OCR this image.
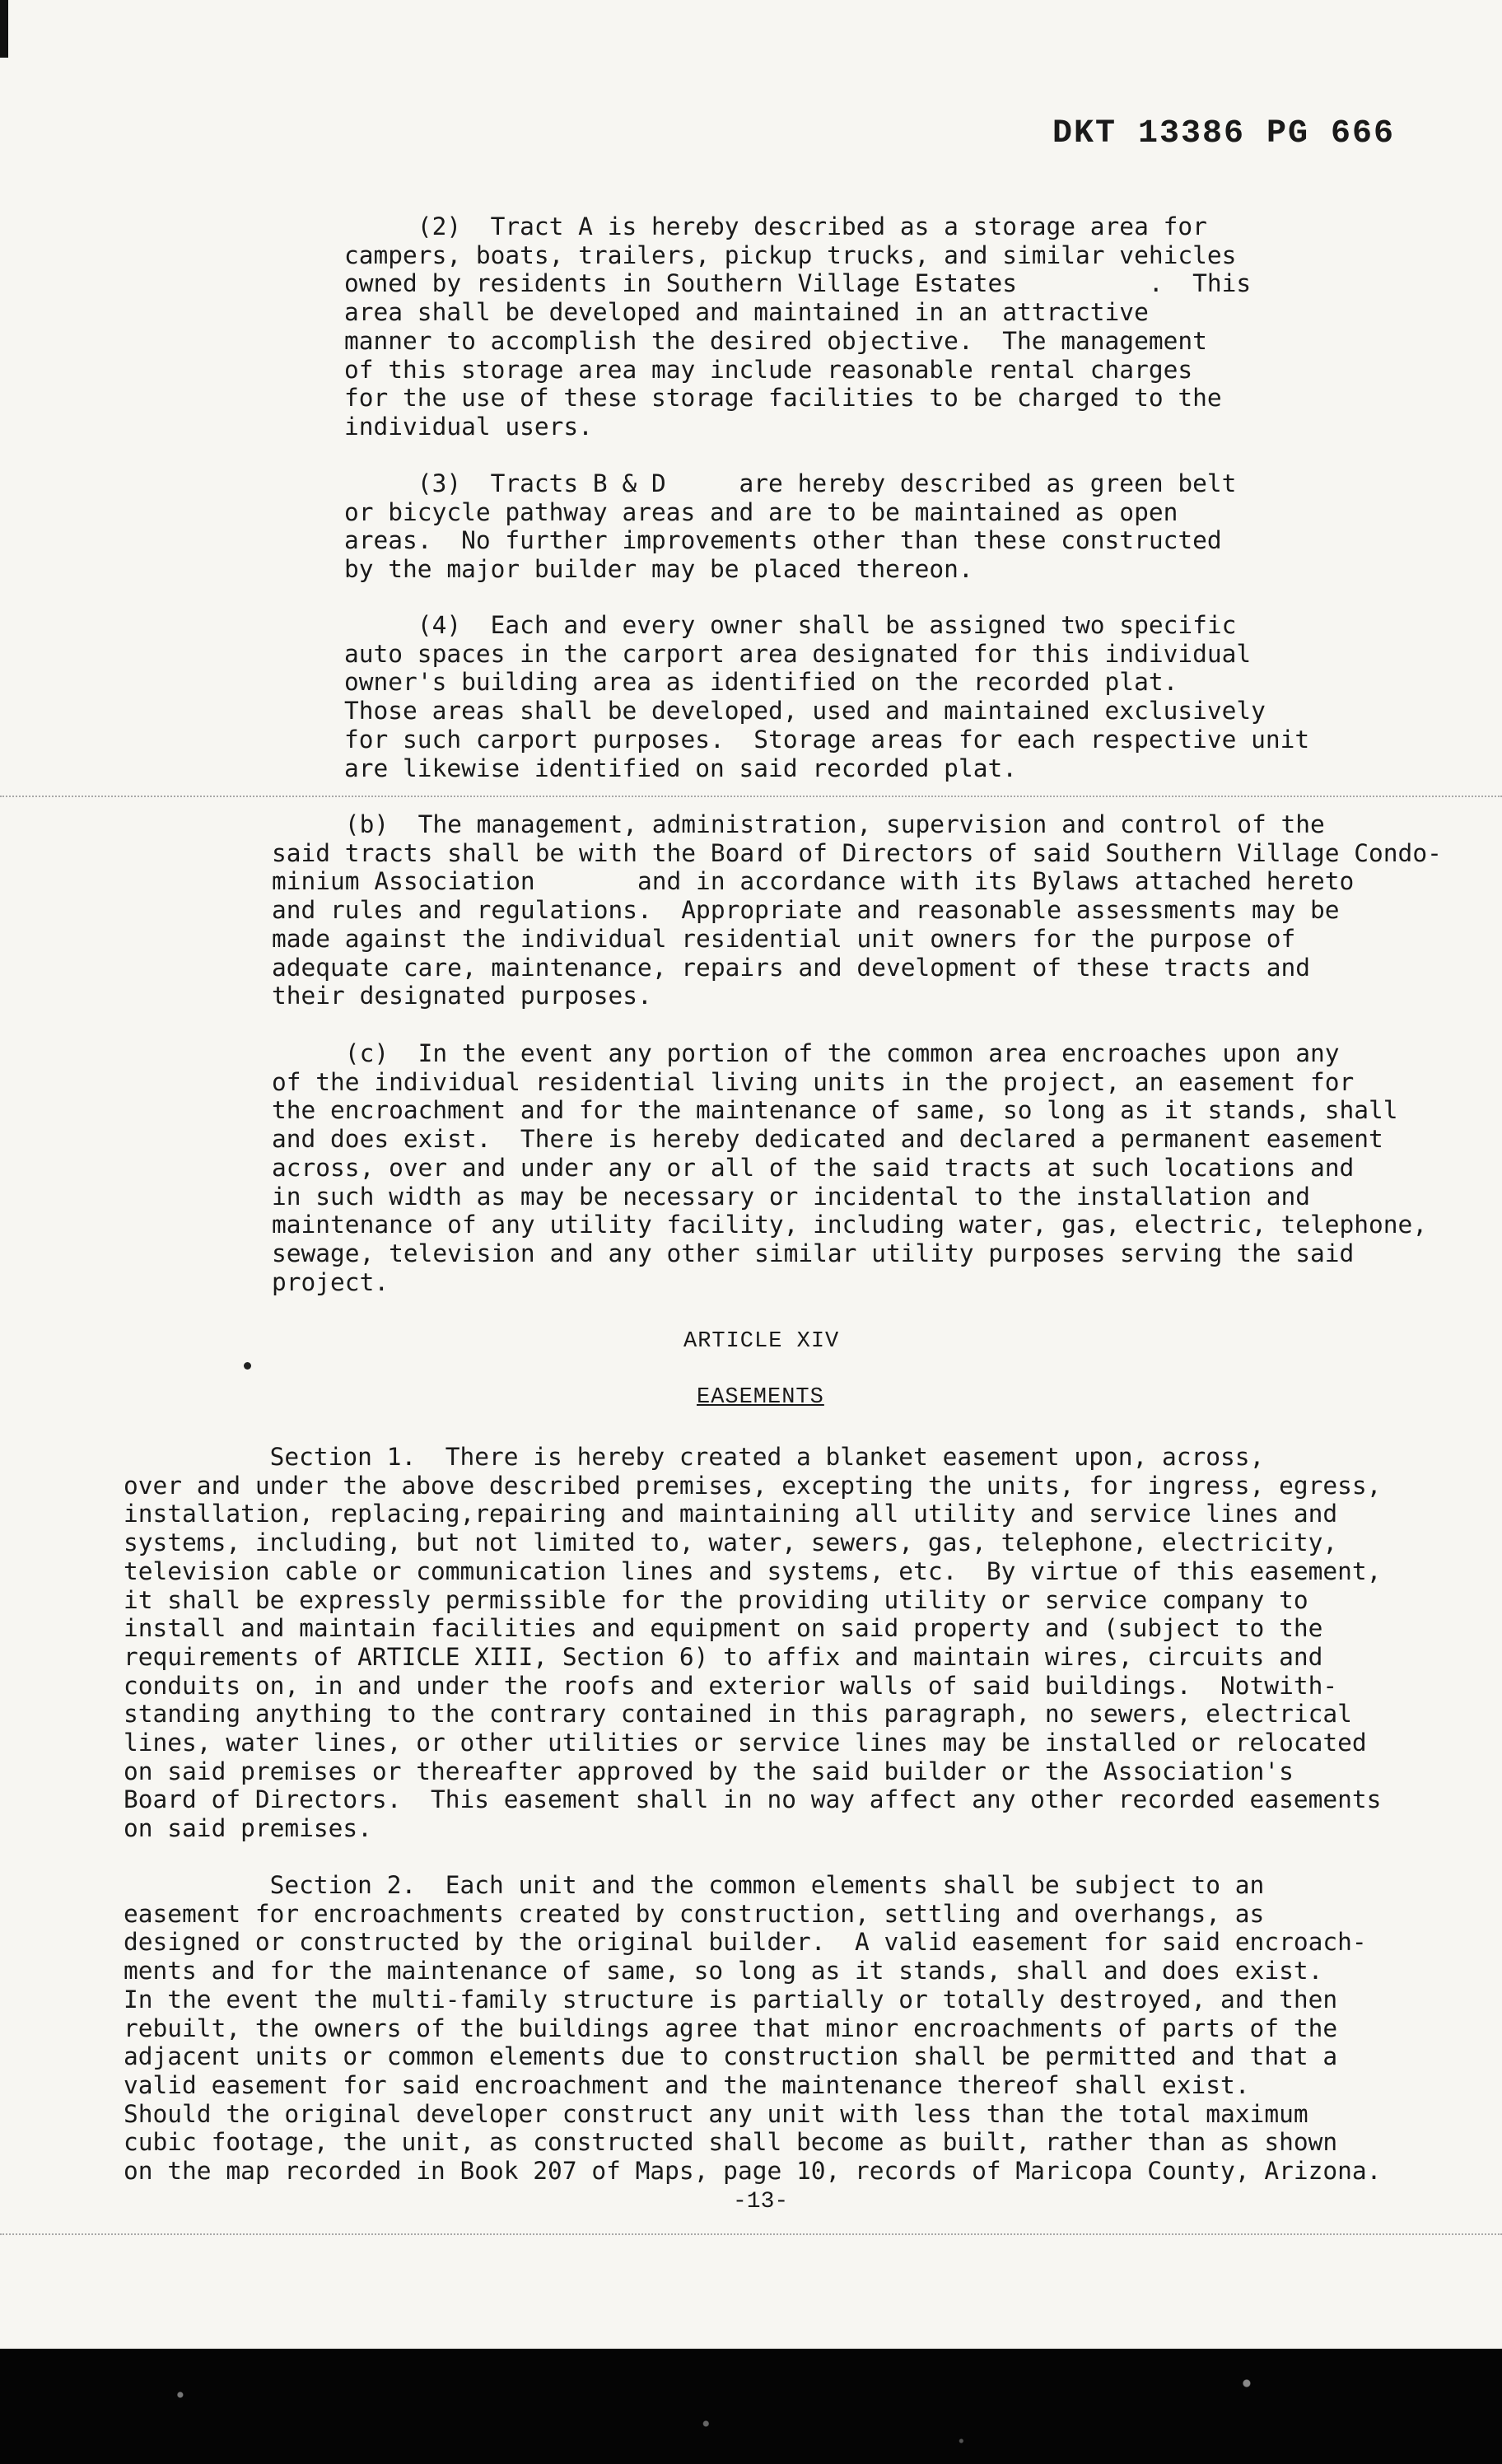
DKT 13386 PG 666
(2)  Tract A is hereby described as a storage area for
campers, boats, trailers, pickup trucks, and similar vehicles
owned by residents in Southern Village Estates         .  This
area shall be developed and maintained in an attractive
manner to accomplish the desired objective.  The management
of this storage area may include reasonable rental charges
for the use of these storage facilities to be charged to the
individual users.
(3)  Tracts B & D     are hereby described as green belt
or bicycle pathway areas and are to be maintained as open
areas.  No further improvements other than these constructed
by the major builder may be placed thereon.
(4)  Each and every owner shall be assigned two specific
auto spaces in the carport area designated for this individual
owner's building area as identified on the recorded plat.
Those areas shall be developed, used and maintained exclusively
for such carport purposes.  Storage areas for each respective unit
are likewise identified on said recorded plat.
(b)  The management, administration, supervision and control of the
said tracts shall be with the Board of Directors of said Southern Village Condo-
minium Association       and in accordance with its Bylaws attached hereto
and rules and regulations.  Appropriate and reasonable assessments may be
made against the individual residential unit owners for the purpose of
adequate care, maintenance, repairs and development of these tracts and
their designated purposes.
(c)  In the event any portion of the common area encroaches upon any
of the individual residential living units in the project, an easement for
the encroachment and for the maintenance of same, so long as it stands, shall
and does exist.  There is hereby dedicated and declared a permanent easement
across, over and under any or all of the said tracts at such locations and
in such width as may be necessary or incidental to the installation and
maintenance of any utility facility, including water, gas, electric, telephone,
sewage, television and any other similar utility purposes serving the said
project.
ARTICLE XIV
EASEMENTS
Section 1.  There is hereby created a blanket easement upon, across,
over and under the above described premises, excepting the units, for ingress, egress,
installation, replacing,repairing and maintaining all utility and service lines and
systems, including, but not limited to, water, sewers, gas, telephone, electricity,
television cable or communication lines and systems, etc.  By virtue of this easement,
it shall be expressly permissible for the providing utility or service company to
install and maintain facilities and equipment on said property and (subject to the
requirements of ARTICLE XIII, Section 6) to affix and maintain wires, circuits and
conduits on, in and under the roofs and exterior walls of said buildings.  Notwith-
standing anything to the contrary contained in this paragraph, no sewers, electrical
lines, water lines, or other utilities or service lines may be installed or relocated
on said premises or thereafter approved by the said builder or the Association's
Board of Directors.  This easement shall in no way affect any other recorded easements
on said premises.
Section 2.  Each unit and the common elements shall be subject to an
easement for encroachments created by construction, settling and overhangs, as
designed or constructed by the original builder.  A valid easement for said encroach-
ments and for the maintenance of same, so long as it stands, shall and does exist.
In the event the multi-family structure is partially or totally destroyed, and then
rebuilt, the owners of the buildings agree that minor encroachments of parts of the
adjacent units or common elements due to construction shall be permitted and that a
valid easement for said encroachment and the maintenance thereof shall exist.
Should the original developer construct any unit with less than the total maximum
cubic footage, the unit, as constructed shall become as built, rather than as shown
on the map recorded in Book 207 of Maps, page 10, records of Maricopa County, Arizona.
-13-
